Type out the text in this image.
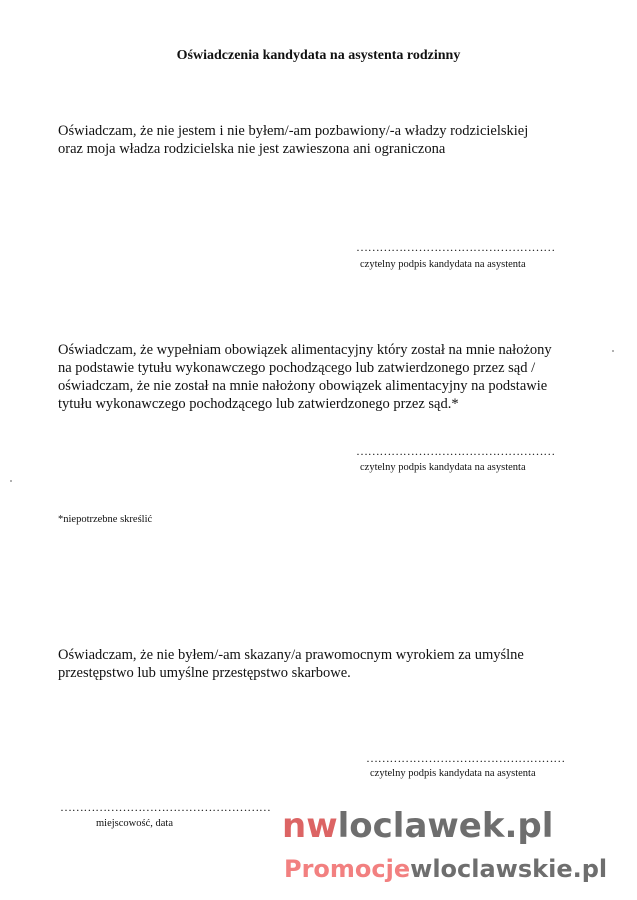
Oświadczenia kandydata na asystenta rodzinny
Oświadczam, że nie jestem i nie byłem/-am pozbawiony/-a władzy rodzicielskiej
oraz moja władza rodzicielska nie jest zawieszona ani ograniczona
……………………………………………
czytelny podpis kandydata na asystenta
Oświadczam, że wypełniam obowiązek alimentacyjny który został na mnie nałożony
na podstawie tytułu wykonawczego pochodzącego lub zatwierdzonego przez sąd /
oświadczam, że nie został na mnie nałożony obowiązek alimentacyjny na podstawie
tytułu wykonawczego pochodzącego lub zatwierdzonego przez sąd.*
……………………………………………
czytelny podpis kandydata na asystenta
*niepotrzebne skreślić
Oświadczam, że nie byłem/-am skazany/a prawomocnym wyrokiem za umyślne
przestępstwo lub umyślne przestępstwo skarbowe.
……………………………………………
czytelny podpis kandydata na asystenta
………………………………………………
miejscowość, data	nwloclawek.pl
Promocjewloclawskie.pl
